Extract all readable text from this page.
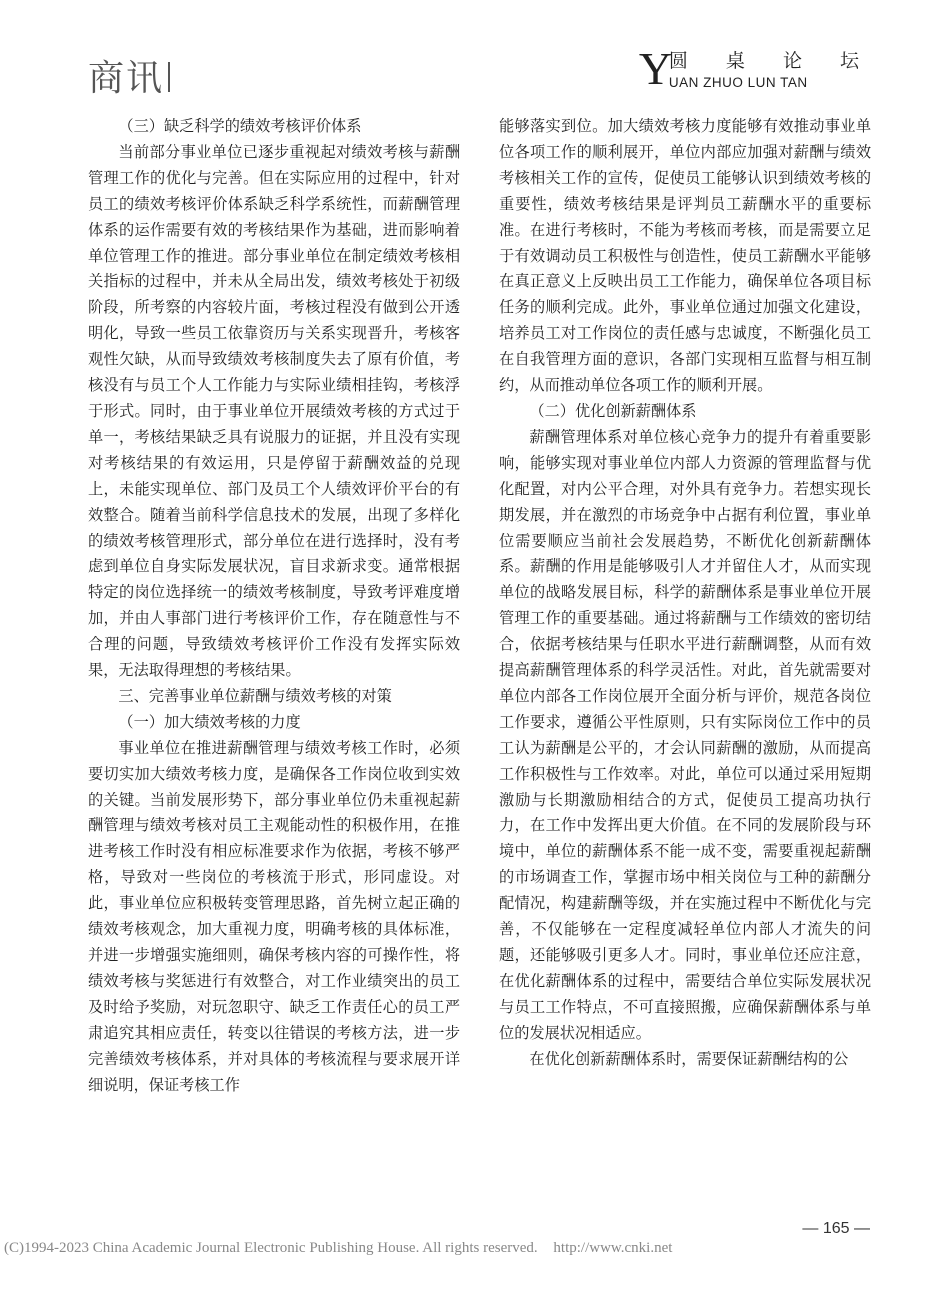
商讯	Y
圆 桌 论 坛
UAN ZHUO LUN TAN

（三）缺乏科学的绩效考核评价体系

当前部分事业单位已逐步重视起对绩效考核与薪酬管理工作的优化与完善。但在实际应用的过程中，针对员工的绩效考核评价体系缺乏科学系统性，而薪酬管理体系的运作需要有效的考核结果作为基础，进而影响着单位管理工作的推进。部分事业单位在制定绩效考核相关指标的过程中，并未从全局出发，绩效考核处于初级阶段，所考察的内容较片面，考核过程没有做到公开透明化，导致一些员工依靠资历与关系实现晋升，考核客观性欠缺，从而导致绩效考核制度失去了原有价值，考核没有与员工个人工作能力与实际业绩相挂钩，考核浮于形式。同时，由于事业单位开展绩效考核的方式过于单一，考核结果缺乏具有说服力的证据，并且没有实现对考核结果的有效运用，只是停留于薪酬效益的兑现上，未能实现单位、部门及员工个人绩效评价平台的有效整合。随着当前科学信息技术的发展，出现了多样化的绩效考核管理形式，部分单位在进行选择时，没有考虑到单位自身实际发展状况，盲目求新求变。通常根据特定的岗位选择统一的绩效考核制度，导致考评难度增加，并由人事部门进行考核评价工作，存在随意性与不合理的问题，导致绩效考核评价工作没有发挥实际效果，无法取得理想的考核结果。

三、完善事业单位薪酬与绩效考核的对策

（一）加大绩效考核的力度

事业单位在推进薪酬管理与绩效考核工作时，必须要切实加大绩效考核力度，是确保各工作岗位收到实效的关键。当前发展形势下，部分事业单位仍未重视起薪酬管理与绩效考核对员工主观能动性的积极作用，在推进考核工作时没有相应标准要求作为依据，考核不够严格，导致对一些岗位的考核流于形式，形同虚设。对此，事业单位应积极转变管理思路，首先树立起正确的绩效考核观念，加大重视力度，明确考核的具体标准，并进一步增强实施细则，确保考核内容的可操作性，将绩效考核与奖惩进行有效整合，对工作业绩突出的员工及时给予奖励，对玩忽职守、缺乏工作责任心的员工严肃追究其相应责任，转变以往错误的考核方法，进一步完善绩效考核体系，并对具体的考核流程与要求展开详细说明，保证考核工作

能够落实到位。加大绩效考核力度能够有效推动事业单位各项工作的顺利展开，单位内部应加强对薪酬与绩效考核相关工作的宣传，促使员工能够认识到绩效考核的重要性，绩效考核结果是评判员工薪酬水平的重要标准。在进行考核时，不能为考核而考核，而是需要立足于有效调动员工积极性与创造性，使员工薪酬水平能够在真正意义上反映出员工工作能力，确保单位各项目标任务的顺利完成。此外，事业单位通过加强文化建设，培养员工对工作岗位的责任感与忠诚度，不断强化员工在自我管理方面的意识，各部门实现相互监督与相互制约，从而推动单位各项工作的顺利开展。

（二）优化创新薪酬体系

薪酬管理体系对单位核心竞争力的提升有着重要影响，能够实现对事业单位内部人力资源的管理监督与优化配置，对内公平合理，对外具有竞争力。若想实现长期发展，并在激烈的市场竞争中占据有利位置，事业单位需要顺应当前社会发展趋势，不断优化创新薪酬体系。薪酬的作用是能够吸引人才并留住人才，从而实现单位的战略发展目标，科学的薪酬体系是事业单位开展管理工作的重要基础。通过将薪酬与工作绩效的密切结合，依据考核结果与任职水平进行薪酬调整，从而有效提高薪酬管理体系的科学灵活性。对此，首先就需要对单位内部各工作岗位展开全面分析与评价，规范各岗位工作要求，遵循公平性原则，只有实际岗位工作中的员工认为薪酬是公平的，才会认同薪酬的激励，从而提高工作积极性与工作效率。对此，单位可以通过采用短期激励与长期激励相结合的方式，促使员工提高功执行力，在工作中发挥出更大价值。在不同的发展阶段与环境中，单位的薪酬体系不能一成不变，需要重视起薪酬的市场调查工作，掌握市场中相关岗位与工种的薪酬分配情况，构建薪酬等级，并在实施过程中不断优化与完善，不仅能够在一定程度减轻单位内部人才流失的问题，还能够吸引更多人才。同时，事业单位还应注意，在优化薪酬体系的过程中，需要结合单位实际发展状况与员工工作特点，不可直接照搬，应确保薪酬体系与单位的发展状况相适应。

在优化创新薪酬体系时，需要保证薪酬结构的公

— 165 —
(C)1994-2023 China Academic Journal Electronic Publishing House. All rights reserved. http://www.cnki.net
